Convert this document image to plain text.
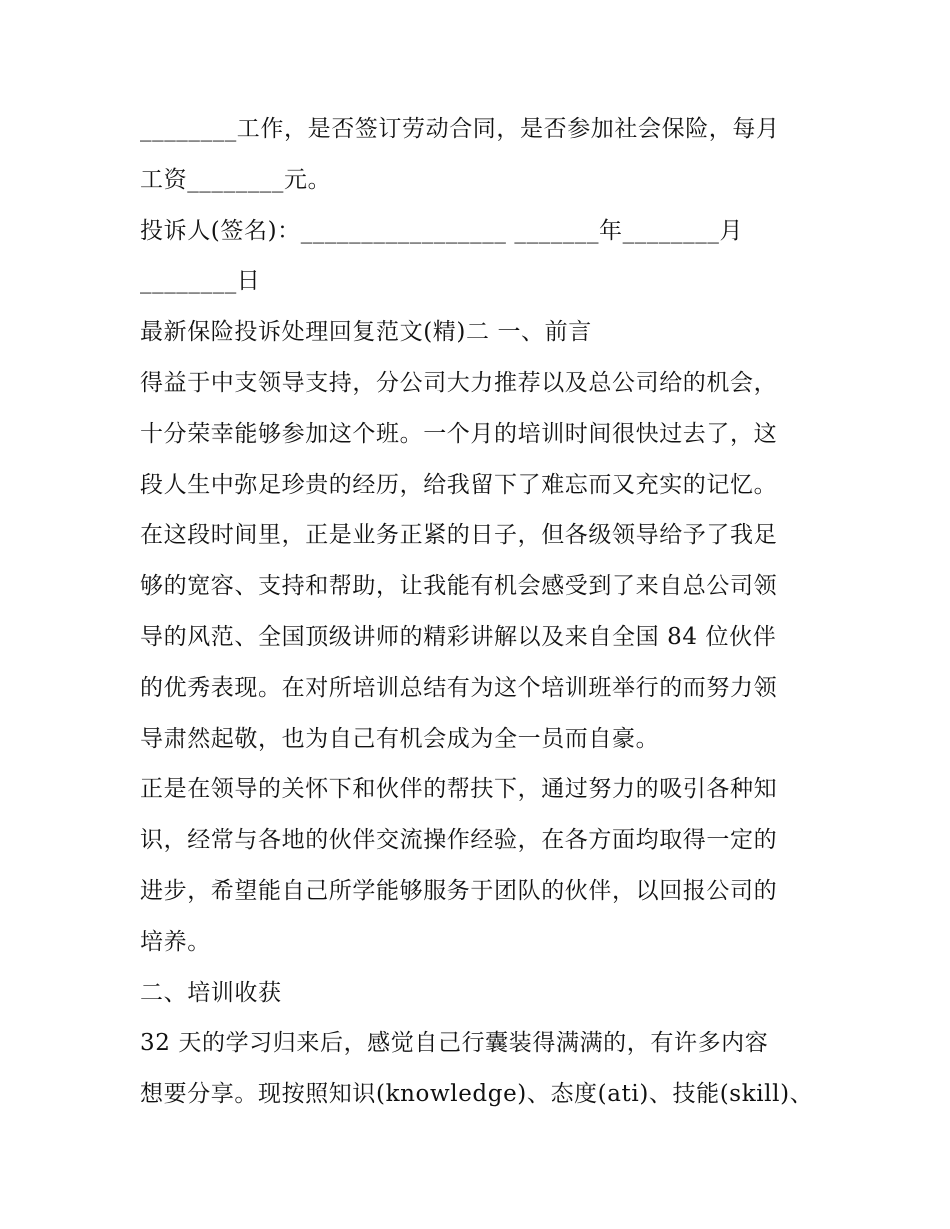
________工作，是否签订劳动合同，是否参加社会保险，每月
工资________元。
投诉人(签名)：_________________ _______年________月
________日
最新保险投诉处理回复范文(精)二 一、前言
得益于中支领导支持，分公司大力推荐以及总公司给的机会，
十分荣幸能够参加这个班。一个月的培训时间很快过去了，这
段人生中弥足珍贵的经历，给我留下了难忘而又充实的记忆。
在这段时间里，正是业务正紧的日子，但各级领导给予了我足
够的宽容、支持和帮助，让我能有机会感受到了来自总公司领
导的风范、全国顶级讲师的精彩讲解以及来自全国 84 位伙伴
的优秀表现。在对所培训总结有为这个培训班举行的而努力领
导肃然起敬，也为自己有机会成为全一员而自豪。
正是在领导的关怀下和伙伴的帮扶下，通过努力的吸引各种知
识，经常与各地的伙伴交流操作经验，在各方面均取得一定的
进步，希望能自己所学能够服务于团队的伙伴，以回报公司的
培养。
二、培训收获
32 天的学习归来后，感觉自己行囊装得满满的，有许多内容
想要分享。现按照知识(knowledge)、态度(ati)、技能(skill)、
